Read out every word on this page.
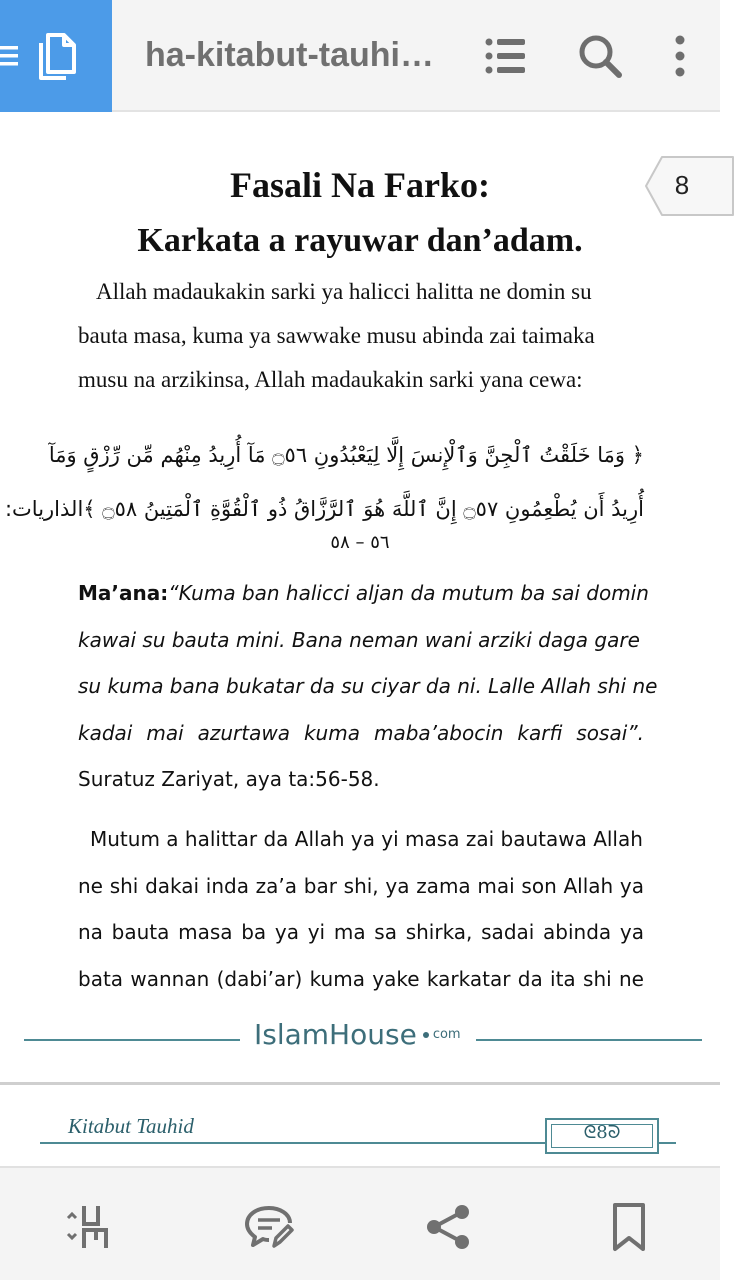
ha-kitabut-tauhi…
8
Fasali Na Farko:
Karkata a rayuwar dan’adam.
Allah madaukakin sarki ya halicci halitta ne domin su
bauta masa, kuma ya sawwake musu abinda zai taimaka
musu na arzikinsa, Allah madaukakin sarki yana cewa:
﴿ وَمَا خَلَقْتُ ٱلْجِنَّ وَٱلْإِنسَ إِلَّا لِيَعْبُدُونِ ۝٥٦ مَآ أُرِيدُ مِنْهُم مِّن رِّزْقٍ وَمَآ
أُرِيدُ أَن يُطْعِمُونِ ۝٥٧ إِنَّ ٱللَّهَ هُوَ ٱلرَّزَّاقُ ذُو ٱلْقُوَّةِ ٱلْمَتِينُ ۝٥٨ ﴾الذاريات:
٥٦ – ٥٨
Ma’ana:“Kuma ban halicci aljan da mutum ba sai domin
kawai su bauta mini. Bana neman wani arziki daga gare
su kuma bana bukatar da su ciyar da ni. Lalle Allah shi ne
kadai mai azurtawa kuma maba’abocin karfi sosai”.
Suratuz Zariyat, aya ta:56-58.
Mutum a halittar da Allah ya yi masa zai bautawa Allah
ne shi dakai inda za’a bar shi, ya zama mai son Allah ya
na bauta masa ba ya yi ma sa shirka, sadai abinda ya
bata wannan (dabi’ar) kuma yake karkatar da ita shi ne
IslamHouse $^{com}$
Kitabut Tauhid	ᘓ8ᘐ
